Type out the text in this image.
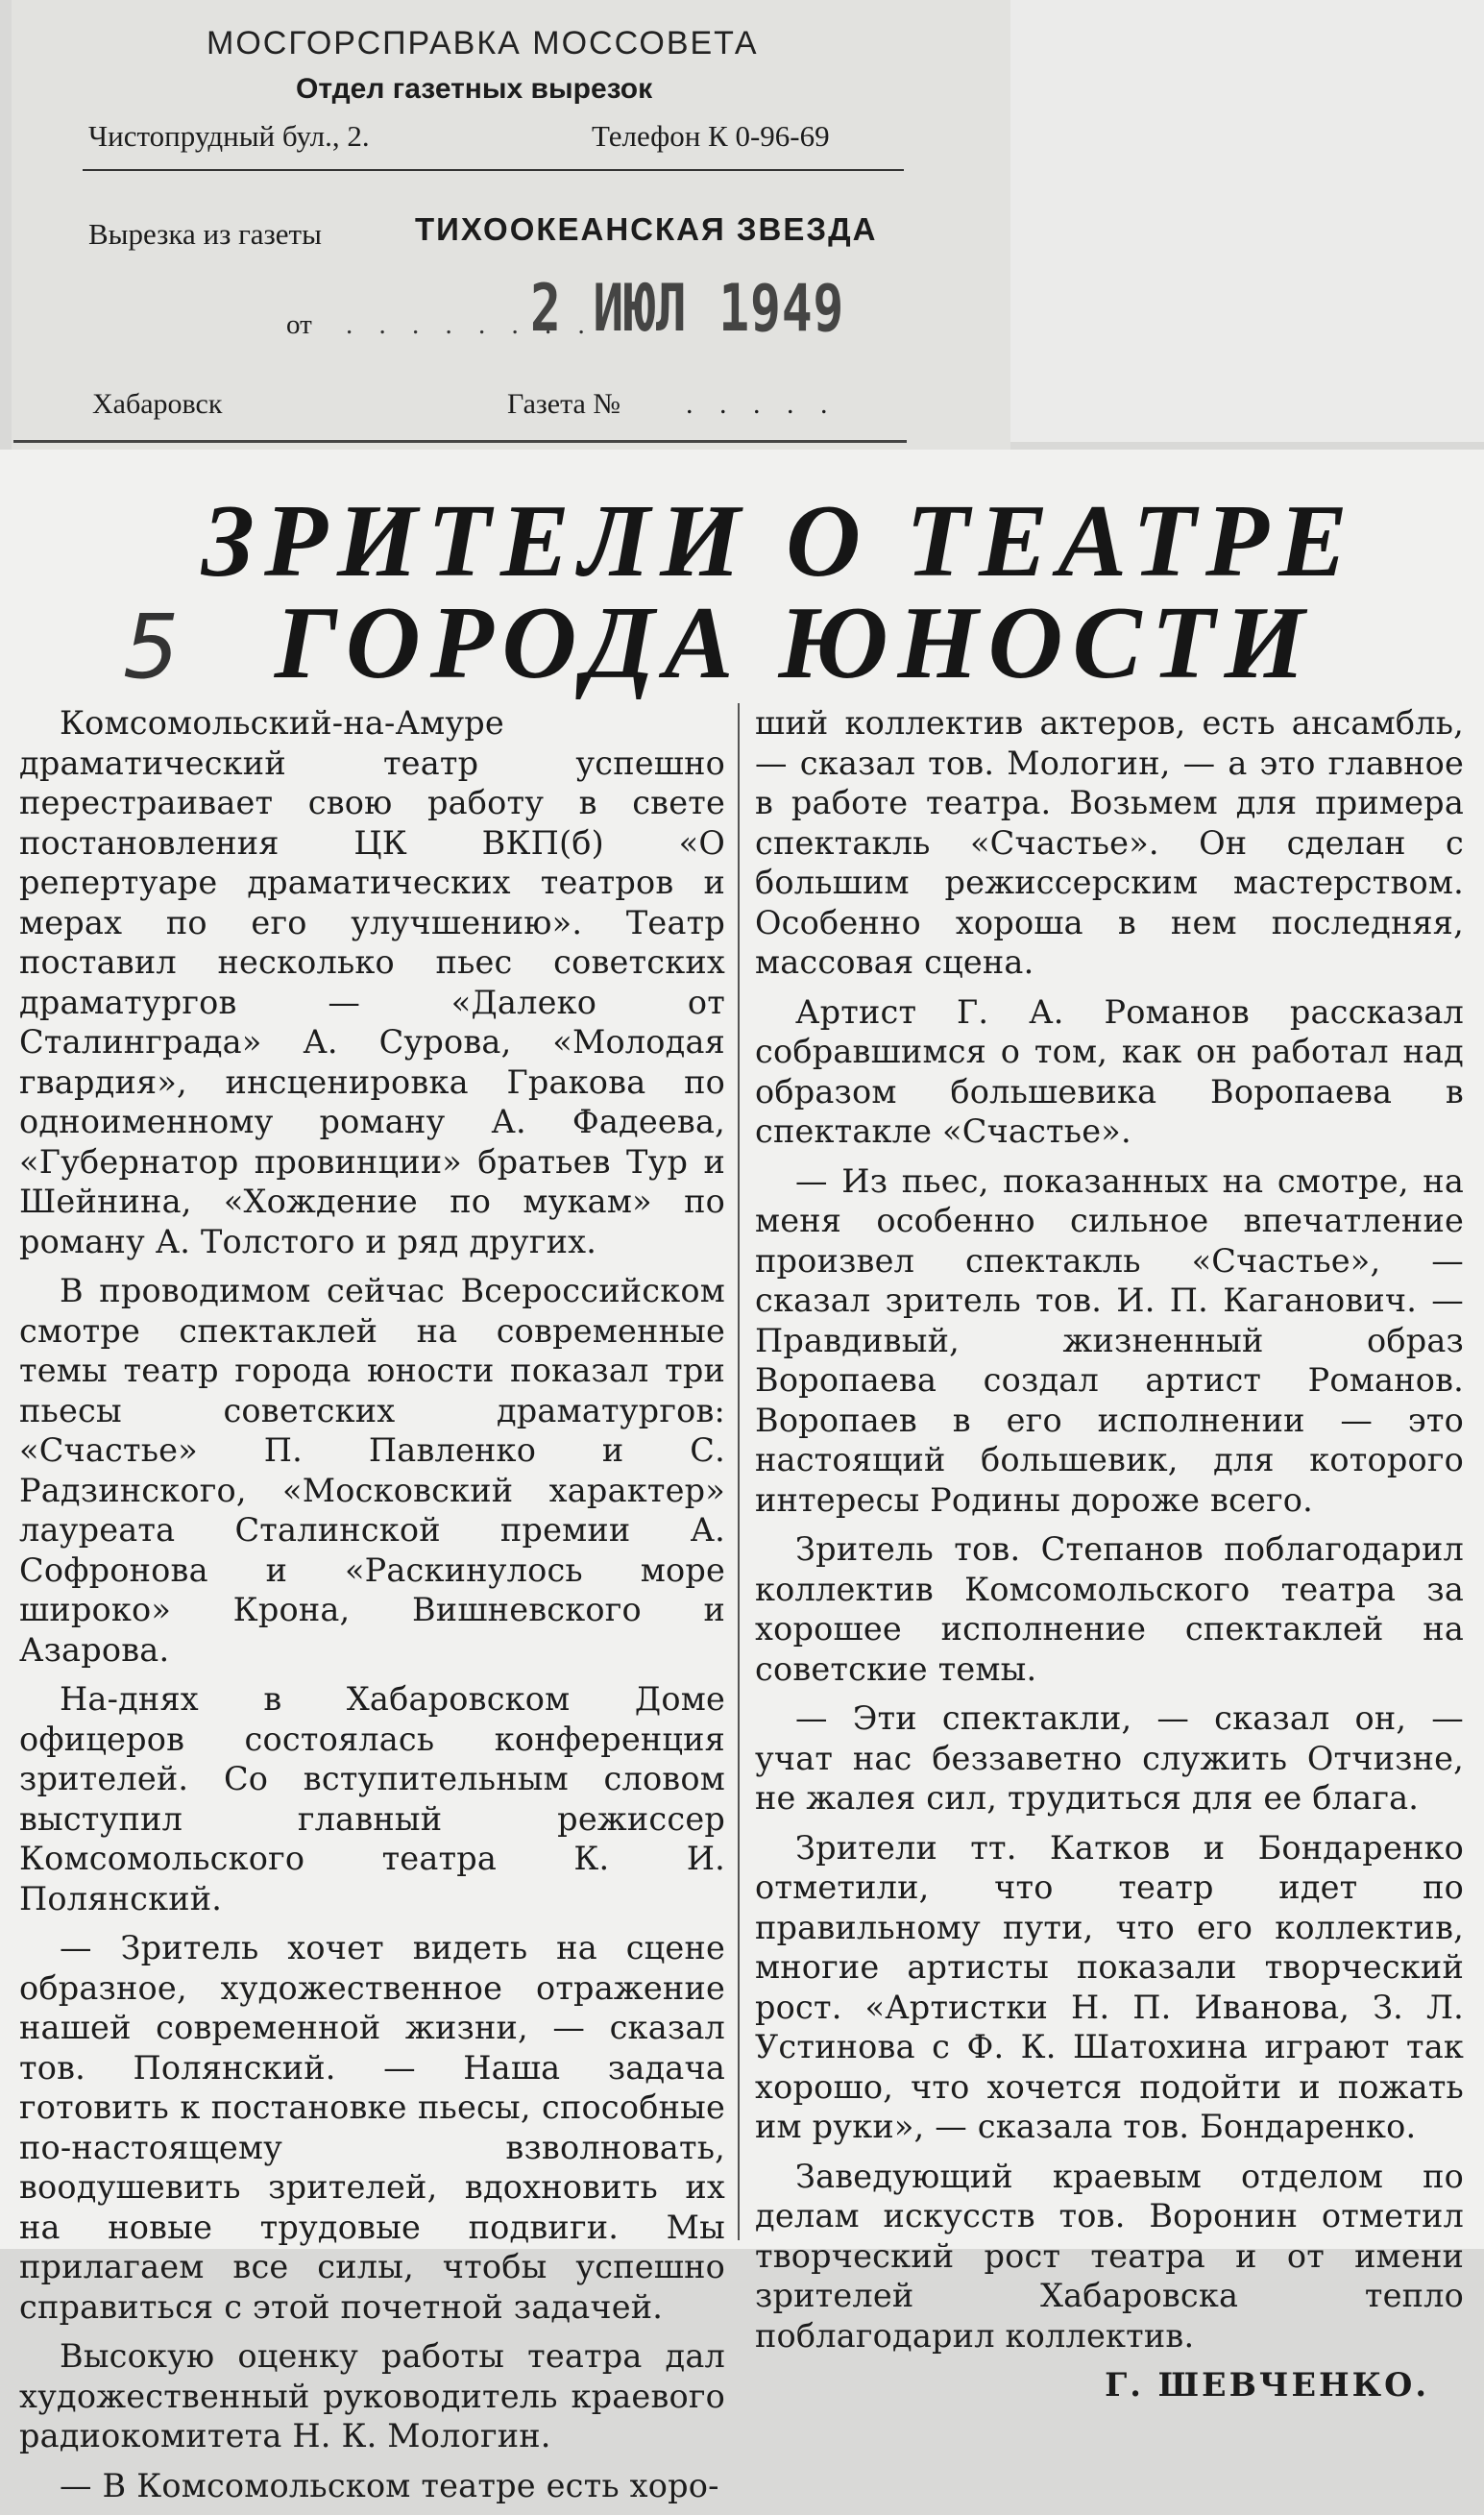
МОСГОРСПРАВКА МОССОВЕТА
Отдел газетных вырезок
Чистопрудный бул., 2.	Телефон К 0-96-69
Вырезка из газеты	ТИХООКЕАНСКАЯ ЗВЕЗДА
от . . . . . . . .
2 ИЮЛ 1949
Хабаровск	Газета № . . . . .
ЗРИТЕЛИ О ТЕАТРЕ
5 ГОРОДА ЮНОСТИ

Комсомольский-на-Амуре драматический театр успешно перестраивает свою работу в свете постановления ЦК ВКП(б) «О репертуаре драматических театров и мерах по его улучшению». Театр поставил несколько пьес советских драматургов — «Далеко от Сталинграда» А. Сурова, «Молодая гвардия», инсценировка Гракова по одноименному роману А. Фадеева, «Губернатор провинции» братьев Тур и Шейнина, «Хождение по мукам» по роману А. Толстого и ряд других.

В проводимом сейчас Всероссийском смотре спектаклей на современные темы театр города юности показал три пьесы советских драматургов: «Счастье» П. Павленко и С. Радзинского, «Московский характер» лауреата Сталинской премии А. Софронова и «Раскинулось море широко» Крона, Вишневского и Азарова.

На-днях в Хабаровском Доме офицеров состоялась конференция зрителей. Со вступительным словом выступил главный режиссер Комсомольского театра К. И. Полянский.

— Зритель хочет видеть на сцене образное, художественное отражение нашей современной жизни, — сказал тов. Полянский. — Наша задача готовить к постановке пьесы, способные по-настоящему взволновать, воодушевить зрителей, вдохновить их на новые трудовые подвиги. Мы прилагаем все силы, чтобы успешно справиться с этой почетной задачей.

Высокую оценку работы театра дал художественный руководитель краевого радиокомитета Н. К. Мологин.

— В Комсомольском театре есть хоро-

ший коллектив актеров, есть ансамбль, — сказал тов. Мологин, — а это главное в работе театра. Возьмем для примера спектакль «Счастье». Он сделан с большим режиссерским мастерством. Особенно хороша в нем последняя, массовая сцена.

Артист Г. А. Романов рассказал собравшимся о том, как он работал над образом большевика Воропаева в спектакле «Счастье».

— Из пьес, показанных на смотре, на меня особенно сильное впечатление произвел спектакль «Счастье», — сказал зритель тов. И. П. Каганович. — Правдивый, жизненный образ Воропаева создал артист Романов. Воропаев в его исполнении — это настоящий большевик, для которого интересы Родины дороже всего.

Зритель тов. Степанов поблагодарил коллектив Комсомольского театра за хорошее исполнение спектаклей на советские темы.

— Эти спектакли, — сказал он, — учат нас беззаветно служить Отчизне, не жалея сил, трудиться для ее блага.

Зрители тт. Катков и Бондаренко отметили, что театр идет по правильному пути, что его коллектив, многие артисты показали творческий рост. «Артистки Н. П. Иванова, З. Л. Устинова с Ф. К. Шатохина играют так хорошо, что хочется подойти и пожать им руки», — сказала тов. Бондаренко.

Заведующий краевым отделом по делам искусств тов. Воронин отметил творческий рост театра и от имени зрителей Хабаровска тепло поблагодарил коллектив.

Г. ШЕВЧЕНКО.
